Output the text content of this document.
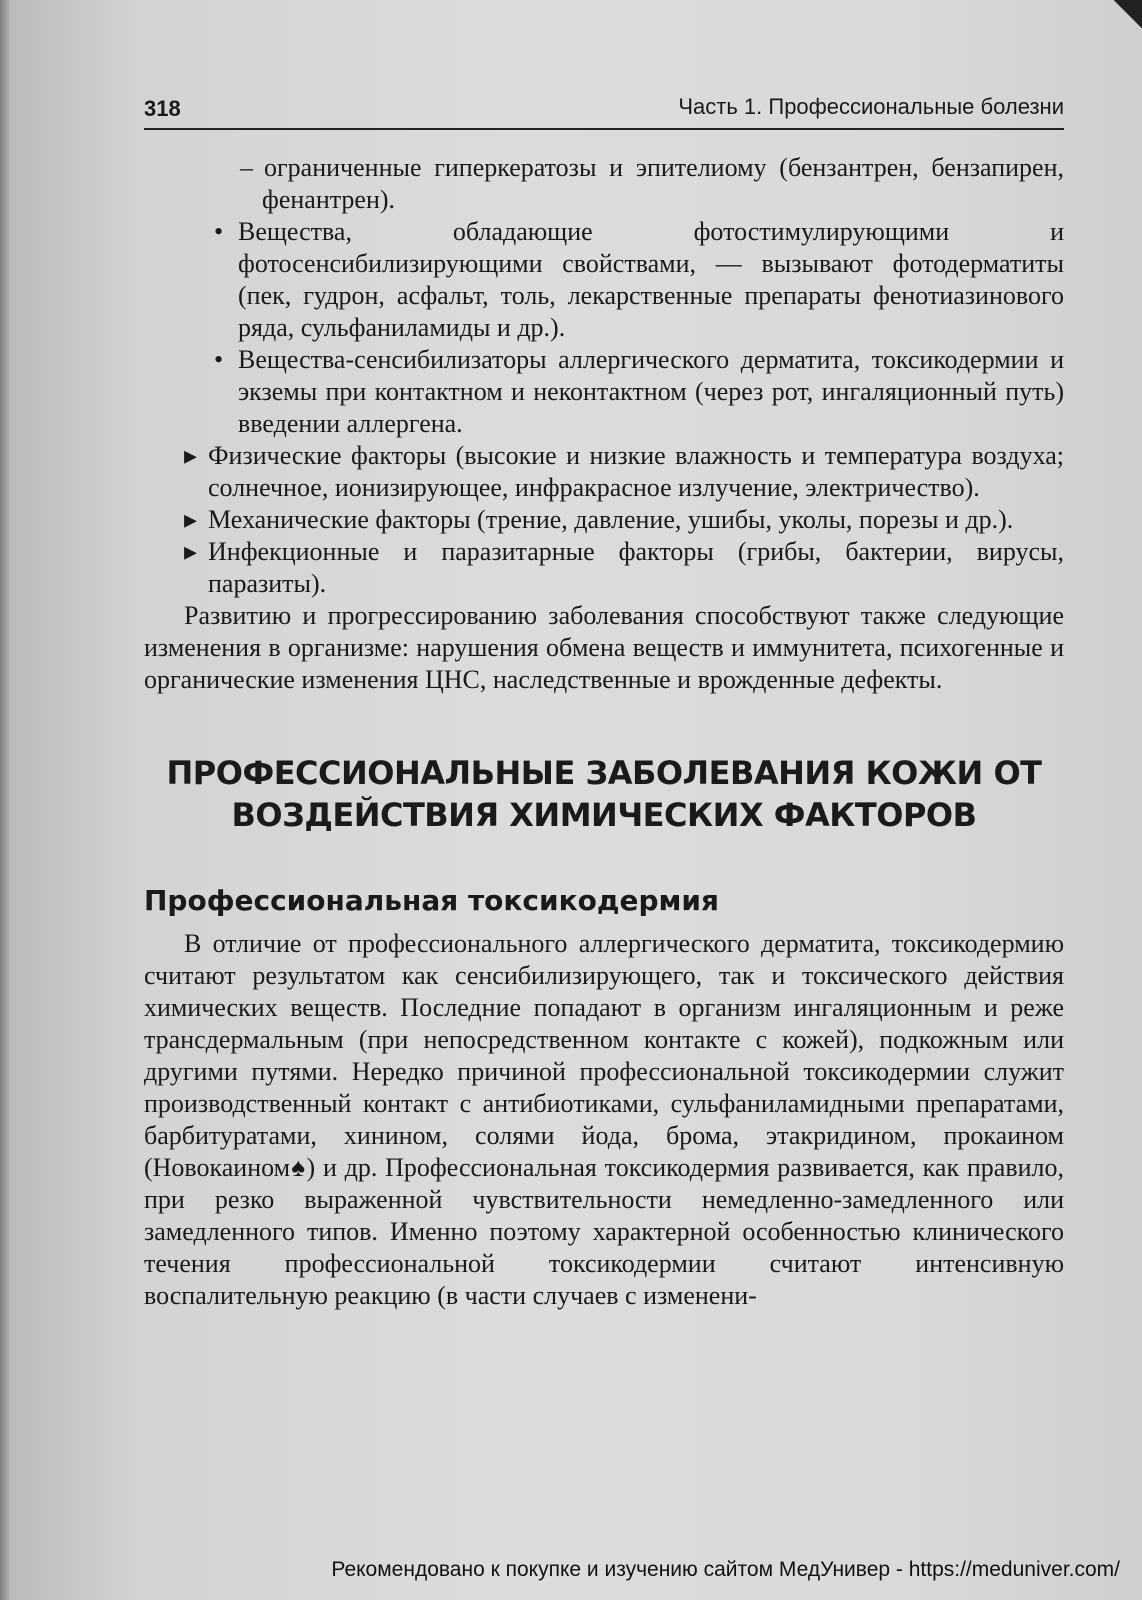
318	Часть 1. Профессиональные болезни

– ограниченные гиперкератозы и эпителиому (бензантрен, бензапирен, фенантрен).

• Вещества, обладающие фотостимулирующими и фотосенсибилизирующими свойствами, — вызывают фотодерматиты (пек, гудрон, асфальт, толь, лекарственные препараты фенотиазинового ряда, сульфаниламиды и др.).

• Вещества-сенсибилизаторы аллергического дерматита, токсикодермии и экземы при контактном и неконтактном (через рот, ингаляционный путь) введении аллергена.

▸ Физические факторы (высокие и низкие влажность и температура воздуха; солнечное, ионизирующее, инфракрасное излучение, электричество).

▸ Механические факторы (трение, давление, ушибы, уколы, порезы и др.).

▸ Инфекционные и паразитарные факторы (грибы, бактерии, вирусы, паразиты).

Развитию и прогрессированию заболевания способствуют также следующие изменения в организме: нарушения обмена веществ и иммунитета, психогенные и органические изменения ЦНС, наследственные и врожденные дефекты.

ПРОФЕССИОНАЛЬНЫЕ ЗАБОЛЕВАНИЯ КОЖИ ОТ
ВОЗДЕЙСТВИЯ ХИМИЧЕСКИХ ФАКТОРОВ
Профессиональная токсикодермия

В отличие от профессионального аллергического дерматита, токсикодермию считают результатом как сенсибилизирующего, так и токсического действия химических веществ. Последние попадают в организм ингаляционным и реже трансдермальным (при непосредственном контакте с кожей), подкожным или другими путями. Нередко причиной профессиональной токсикодермии служит производственный контакт с антибиотиками, сульфаниламидными препаратами, барбитуратами, хинином, солями йода, брома, этакридином, прокаином (Новокаином♠) и др. Профессиональная токсикодермия развивается, как правило, при резко выраженной чувствительности немедленно-замедленного или замедленного типов. Именно поэтому характерной особенностью клинического течения профессиональной токсикодермии считают интенсивную воспалительную реакцию (в части случаев с изменени-

Рекомендовано к покупке и изучению сайтом МедУнивер - https://meduniver.com/
